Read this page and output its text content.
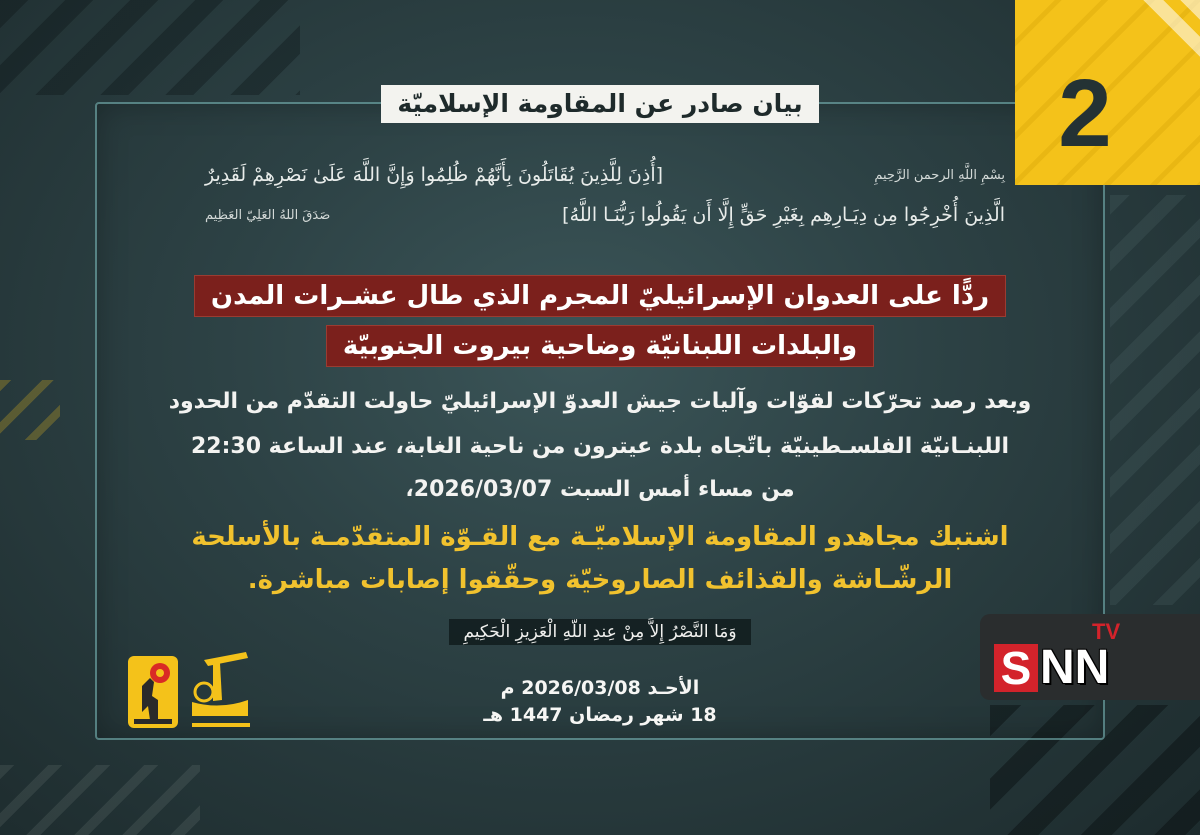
2
بيان صادر عن المقاومة الإسلاميّة
بِسْمِ اللَّهِ الرحمن الرَّحِيمِ
[أُذِنَ لِلَّذِينَ يُقَاتَلُونَ بِأَنَّهُمْ ظُلِمُوا وَإِنَّ اللَّهَ عَلَىٰ نَصْرِهِمْ لَقَدِيرٌ
الَّذِينَ أُخْرِجُوا مِن دِيَـارِهِم بِغَيْرِ حَقٍّ إِلَّا أَن يَقُولُوا رَبُّنَـا اللَّهُ]
صَدَقَ اللهُ العَلِيّ العَظِيم
ردًّا على العدوان الإسرائيليّ المجرم الذي طال عشـرات المدن
والبلدات اللبنانيّة وضاحية بيروت الجنوبيّة
وبعد رصد تحرّكات لقوّات وآليات جيش العدوّ الإسرائيليّ حاولت التقدّم من الحدود
اللبنـانيّة الفلسـطينيّة باتّجاه بلدة عيترون من ناحية الغابة، عند الساعة 22:30
من مساء أمس السبت 2026/03/07،
اشتبك مجاهدو المقاومة الإسلاميّـة مع القـوّة المتقدّمـة بالأسلحة
الرشّـاشة والقذائف الصاروخيّة وحقّقوا إصابات مباشرة.
وَمَا النَّصْرُ إِلاَّ مِنْ عِندِ اللّهِ الْعَزِيزِ الْحَكِيمِ
الأحـد 2026/03/08 م
18 شهر رمضان 1447 هـ
TV
S NN
